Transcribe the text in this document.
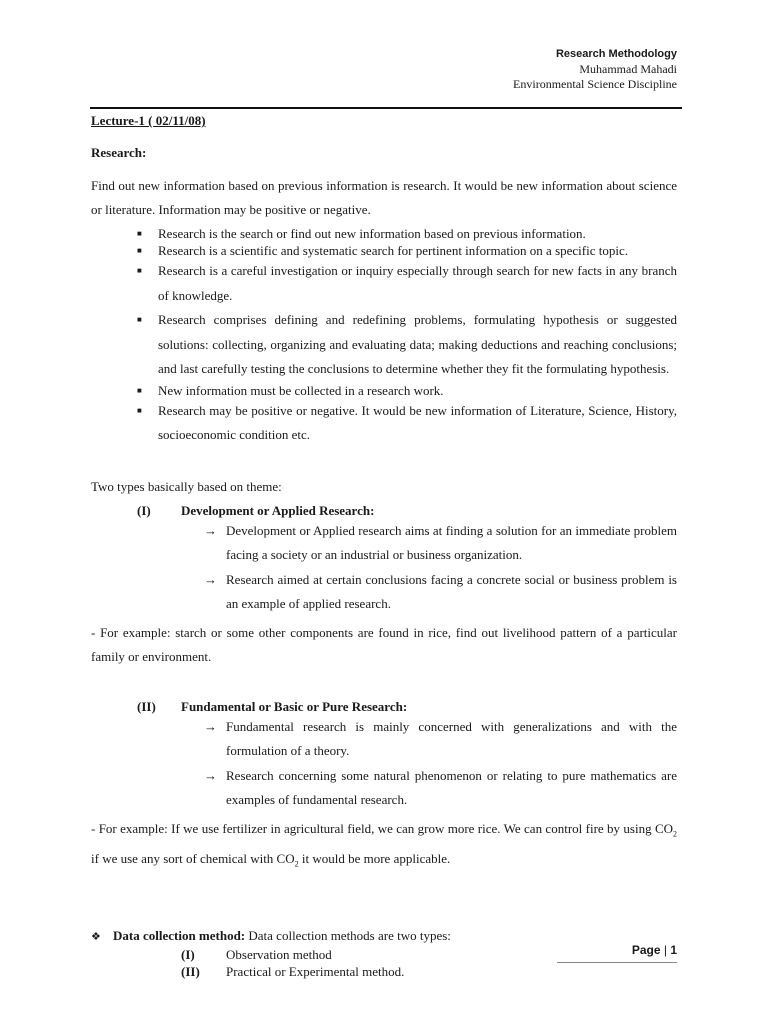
Research Methodology
Muhammad Mahadi
Environmental Science Discipline
Lecture-1 ( 02/11/08)
Research:
Find out new information based on previous information is research. It would be new information about science or literature. Information may be positive or negative.
■ Research is the search or find out new information based on previous information.
■ Research is a scientific and systematic search for pertinent information on a specific topic.
■ Research is a careful investigation or inquiry especially through search for new facts in any branch of knowledge.
■ Research comprises defining and redefining problems, formulating hypothesis or suggested solutions: collecting, organizing and evaluating data; making deductions and reaching conclusions; and last carefully testing the conclusions to determine whether they fit the formulating hypothesis.
■ New information must be collected in a research work.
■ Research may be positive or negative. It would be new information of Literature, Science, History, socioeconomic condition etc.
Two types basically based on theme:
(I)	Development or Applied Research:
→ Development or Applied research aims at finding a solution for an immediate problem facing a society or an industrial or business organization.
→ Research aimed at certain conclusions facing a concrete social or business problem is an example of applied research.
- For example: starch or some other components are found in rice, find out livelihood pattern of a particular family or environment.
(II)	Fundamental or Basic or Pure Research:
→ Fundamental research is mainly concerned with generalizations and with the formulation of a theory.
→ Research concerning some natural phenomenon or relating to pure mathematics are examples of fundamental research.
- For example: If we use fertilizer in agricultural field, we can grow more rice. We can control fire by using $CO_2$ if we use any sort of chemical with $CO_2$ it would be more applicable.
❖ Data collection method: Data collection methods are two types:
(I)	Observation method
(II)	Practical or Experimental method.
Page | 1
